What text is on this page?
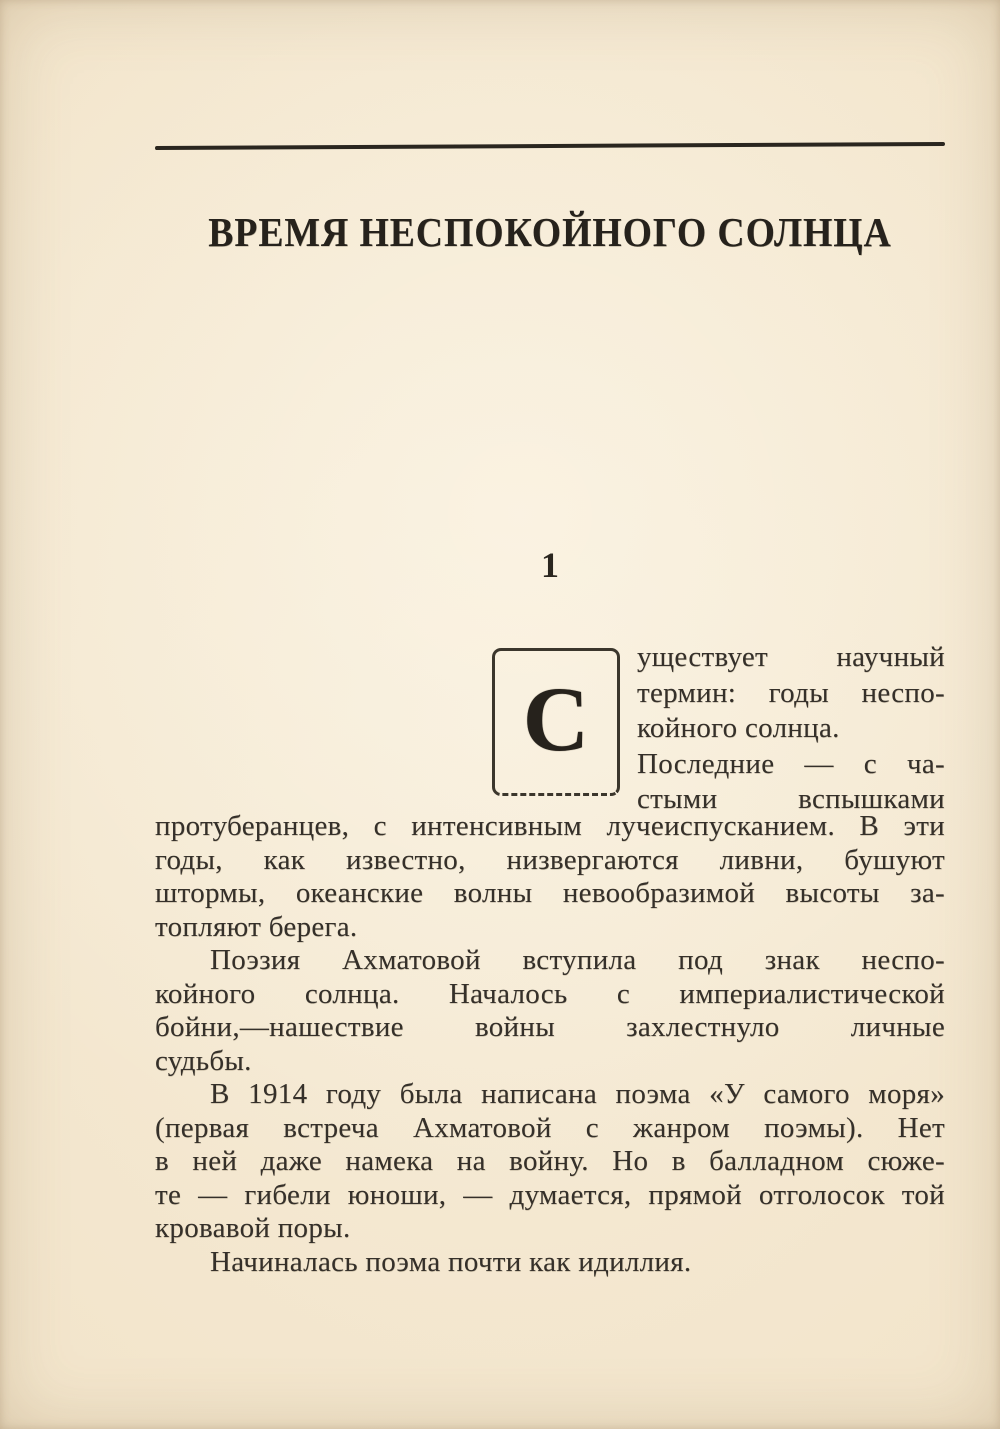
ВРЕМЯ НЕСПОКОЙНОГО СОЛНЦА
1
С
уществует научный
термин: годы неспо-
койного солнца.
Последние — с ча-
стыми вспышками
протуберанцев, с интенсивным лучеиспусканием. В эти
годы, как известно, низвергаются ливни, бушуют
штормы, океанские волны невообразимой высоты за-
топляют берега.
Поэзия Ахматовой вступила под знак неспо-
койного солнца. Началось с империалистической
бойни,—нашествие войны захлестнуло личные
судьбы.
В 1914 году была написана поэма «У самого моря»
(первая встреча Ахматовой с жанром поэмы). Нет
в ней даже намека на войну. Но в балладном сюже-
те — гибели юноши, — думается, прямой отголосок той
кровавой поры.
Начиналась поэма почти как идиллия.
